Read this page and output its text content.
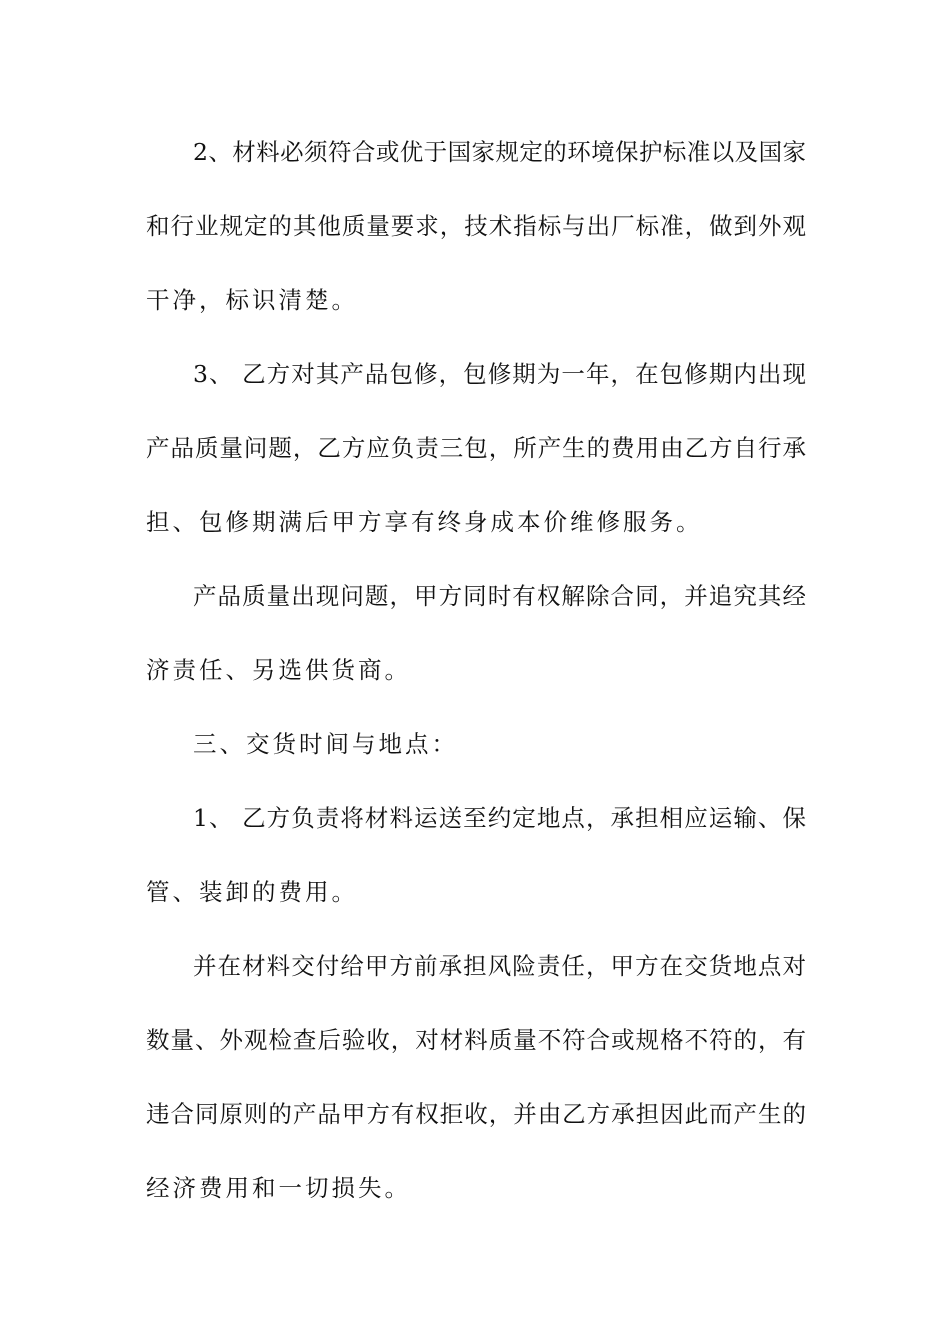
2、材料必须符合或优于国家规定的环境保护标准以及国家
和行业规定的其他质量要求，技术指标与出厂标准，做到外观
干净，标识清楚。
3、 乙方对其产品包修，包修期为一年，在包修期内出现
产品质量问题，乙方应负责三包，所产生的费用由乙方自行承
担、包修期满后甲方享有终身成本价维修服务。
产品质量出现问题，甲方同时有权解除合同，并追究其经
济责任、另选供货商。
三、交货时间与地点：
1、 乙方负责将材料运送至约定地点，承担相应运输、保
管、装卸的费用。
并在材料交付给甲方前承担风险责任，甲方在交货地点对
数量、外观检查后验收，对材料质量不符合或规格不符的，有
违合同原则的产品甲方有权拒收，并由乙方承担因此而产生的
经济费用和一切损失。
